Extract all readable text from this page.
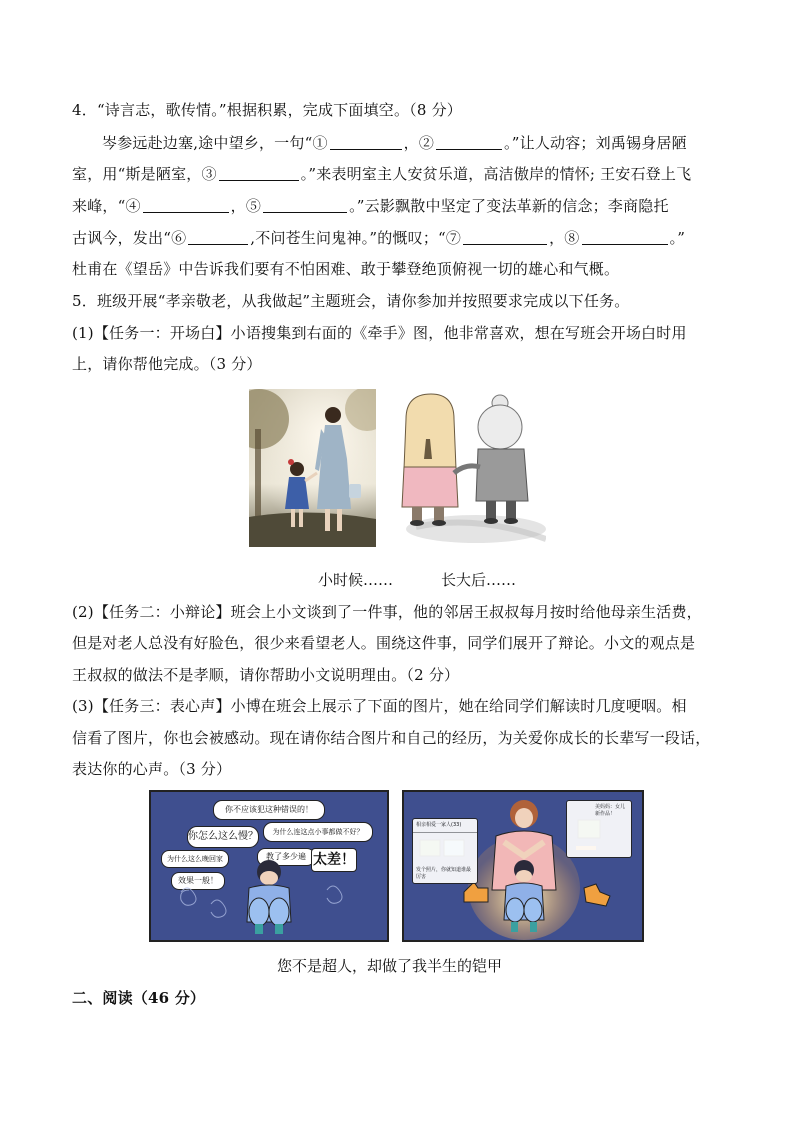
4．“诗言志，歌传情。”根据积累，完成下面填空。（8 分）
岑参远赴边塞,途中望乡，一句“①	，②	。”让人动容；刘禹锡身居陋
室，用“斯是陋室，③	。”来表明室主人安贫乐道，高洁傲岸的情怀; 王安石登上飞
来峰，“④	，⑤	。”云影飘散中坚定了变法革新的信念；李商隐托
古讽今，发出“⑥	,不问苍生问鬼神。”的慨叹；“⑦	，⑧	。”
杜甫在《望岳》中告诉我们要有不怕困难、敢于攀登绝顶俯视一切的雄心和气概。
5．班级开展“孝亲敬老，从我做起”主题班会，请你参加并按照要求完成以下任务。
(1)【任务一：开场白】小语搜集到右面的《牵手》图，他非常喜欢，想在写班会开场白时用
上，请你帮他完成。（3 分）
小时候……	长大后……
(2)【任务二：小辩论】班会上小文谈到了一件事，他的邻居王叔叔每月按时给他母亲生活费，
但是对老人总没有好脸色，很少来看望老人。围绕这件事，同学们展开了辩论。小文的观点是
王叔叔的做法不是孝顺，请你帮助小文说明理由。（2 分）
(3)【任务三：表心声】小博在班会上展示了下面的图片，她在给同学们解读时几度哽咽。相
信看了图片，你也会被感动。现在请你结合图片和自己的经历，为关爱你成长的长辈写一段话，
表达你的心声。（3 分）
你不应该犯这种错误的！
你怎么这么慢？	为什么连这点小事都做不好？
为什么这么晚回家	教了多少遍 太差！
效果一般！
相亲相爱一家人(33)
发个照片，你就知道谁最厉害
美妈妈：女儿新作品！
您不是超人，却做了我半生的铠甲
二、阅读（46 分）
